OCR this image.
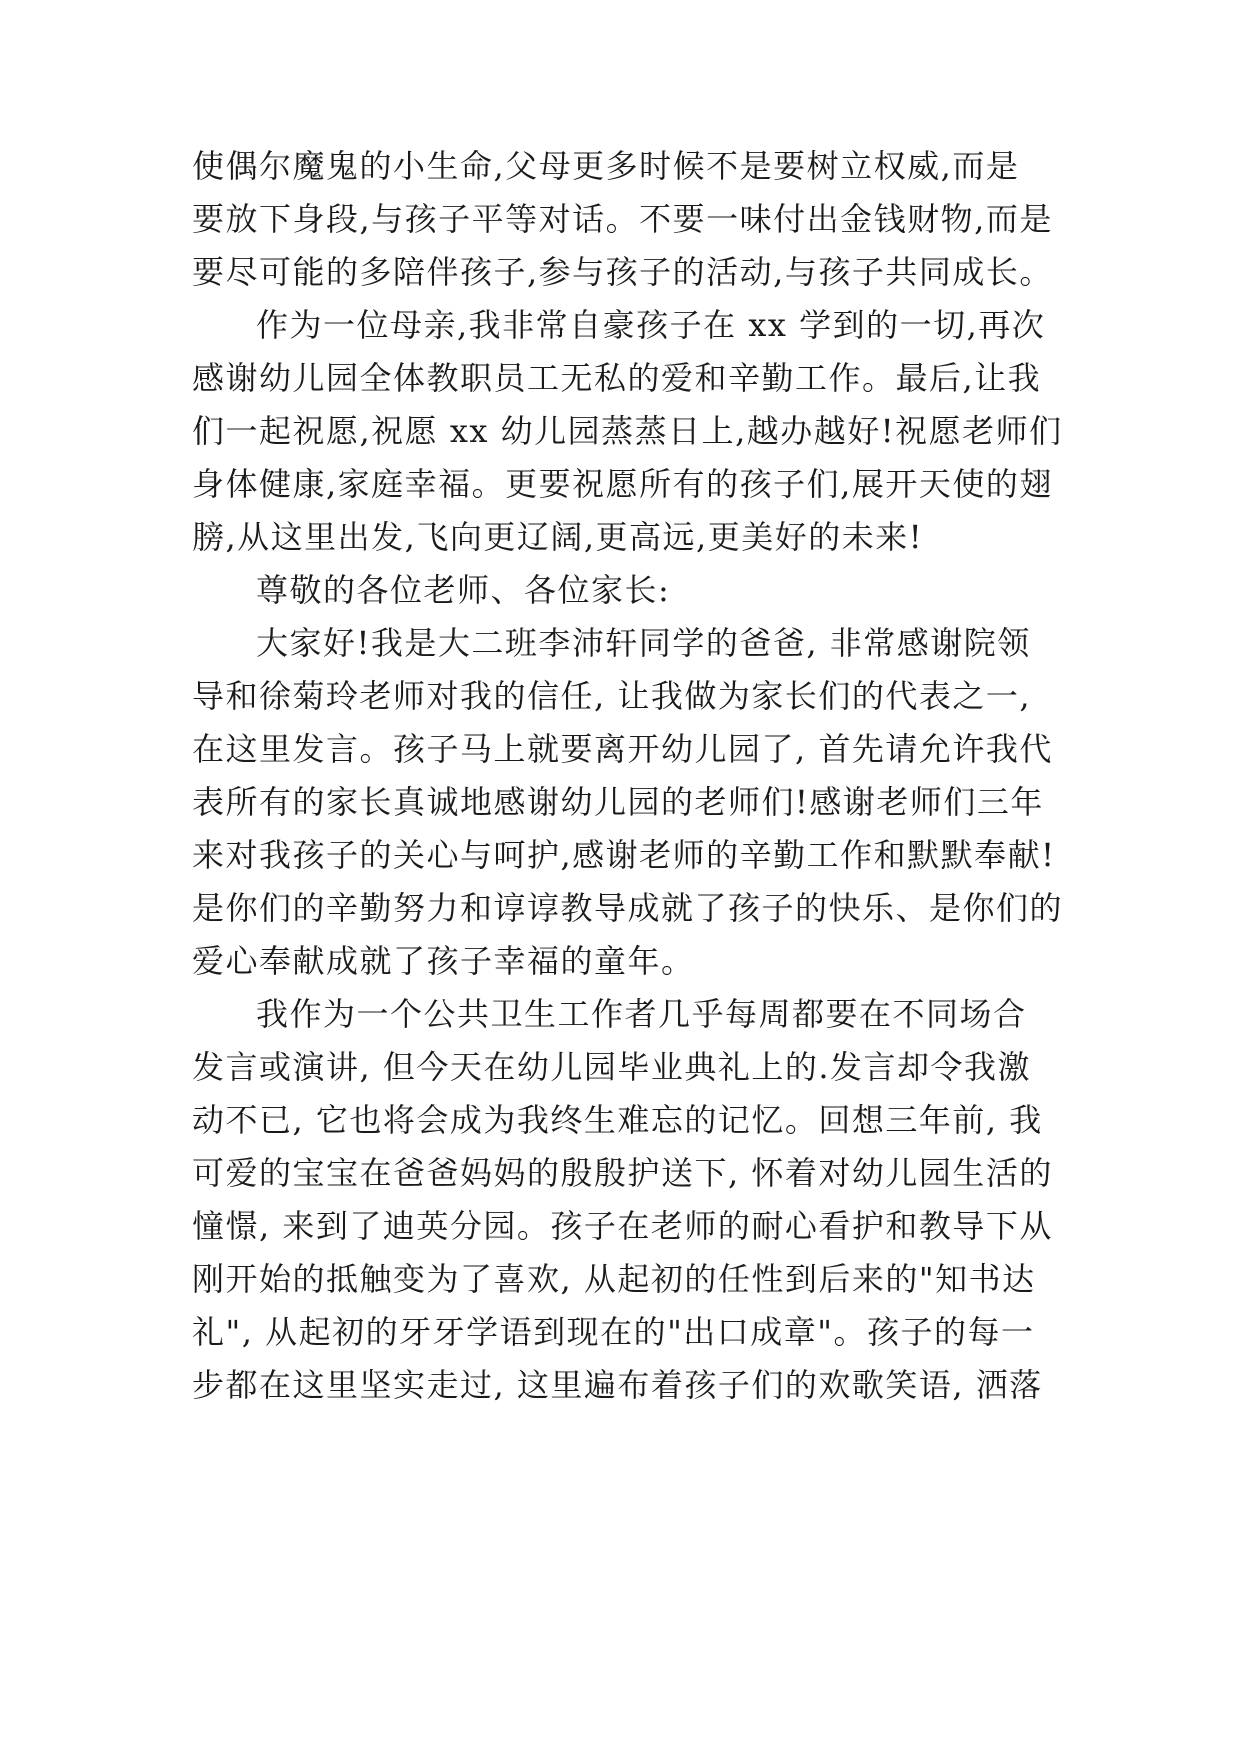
使偶尔魔鬼的小生命,父母更多时候不是要树立权威,而是
要放下身段,与孩子平等对话。不要一味付出金钱财物,而是
要尽可能的多陪伴孩子,参与孩子的活动,与孩子共同成长。
作为一位母亲,我非常自豪孩子在 xx 学到的一切,再次
感谢幼儿园全体教职员工无私的爱和辛勤工作。最后,让我
们一起祝愿,祝愿 xx 幼儿园蒸蒸日上,越办越好!祝愿老师们
身体健康,家庭幸福。更要祝愿所有的孩子们,展开天使的翅
膀,从这里出发,飞向更辽阔,更高远,更美好的未来!
尊敬的各位老师、各位家长:
大家好!我是大二班李沛轩同学的爸爸, 非常感谢院领
导和徐菊玲老师对我的信任, 让我做为家长们的代表之一,
在这里发言。孩子马上就要离开幼儿园了, 首先请允许我代
表所有的家长真诚地感谢幼儿园的老师们!感谢老师们三年
来对我孩子的关心与呵护,感谢老师的辛勤工作和默默奉献!
是你们的辛勤努力和谆谆教导成就了孩子的快乐、是你们的
爱心奉献成就了孩子幸福的童年。
我作为一个公共卫生工作者几乎每周都要在不同场合
发言或演讲, 但今天在幼儿园毕业典礼上的.发言却令我激
动不已, 它也将会成为我终生难忘的记忆。回想三年前, 我
可爱的宝宝在爸爸妈妈的殷殷护送下, 怀着对幼儿园生活的
憧憬, 来到了迪英分园。孩子在老师的耐心看护和教导下从
刚开始的抵触变为了喜欢, 从起初的任性到后来的"知书达
礼", 从起初的牙牙学语到现在的"出口成章"。孩子的每一
步都在这里坚实走过, 这里遍布着孩子们的欢歌笑语, 洒落
